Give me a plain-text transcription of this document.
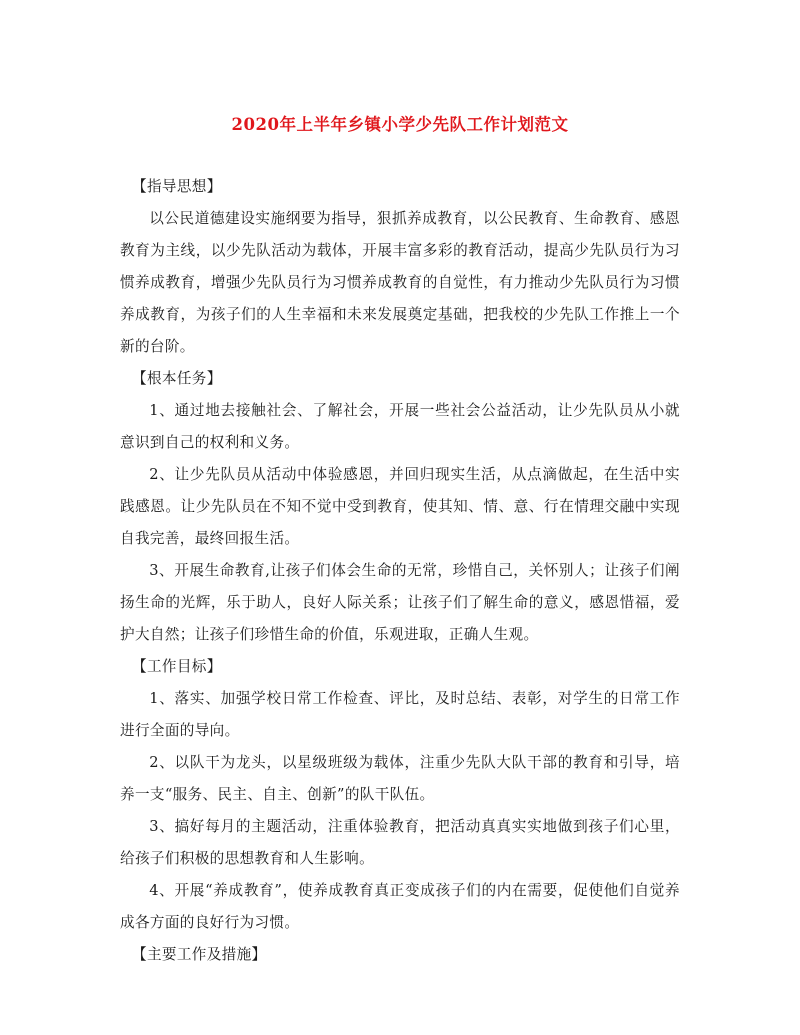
2020年上半年乡镇小学少先队工作计划范文

【指导思想】

以公民道德建设实施纲要为指导，狠抓养成教育，以公民教育、生命教育、感恩教育为主线，以少先队活动为载体，开展丰富多彩的教育活动，提高少先队员行为习惯养成教育，增强少先队员行为习惯养成教育的自觉性，有力推动少先队员行为习惯养成教育，为孩子们的人生幸福和未来发展奠定基础，把我校的少先队工作推上一个新的台阶。

【根本任务】

1、通过地去接触社会、了解社会，开展一些社会公益活动，让少先队员从小就意识到自己的权利和义务。

2、让少先队员从活动中体验感恩，并回归现实生活，从点滴做起，在生活中实践感恩。让少先队员在不知不觉中受到教育，使其知、情、意、行在情理交融中实现自我完善，最终回报生活。

3、开展生命教育,让孩子们体会生命的无常，珍惜自己，关怀别人；让孩子们阐扬生命的光辉，乐于助人，良好人际关系；让孩子们了解生命的意义，感恩惜福，爱护大自然；让孩子们珍惜生命的价值，乐观进取，正确人生观。

【工作目标】

1、落实、加强学校日常工作检查、评比，及时总结、表彰，对学生的日常工作进行全面的导向。

2、以队干为龙头，以星级班级为载体，注重少先队大队干部的教育和引导，培养一支“服务、民主、自主、创新”的队干队伍。

3、搞好每月的主题活动，注重体验教育，把活动真真实实地做到孩子们心里，给孩子们积极的思想教育和人生影响。

4、开展“养成教育”，使养成教育真正变成孩子们的内在需要，促使他们自觉养成各方面的良好行为习惯。

【主要工作及措施】
